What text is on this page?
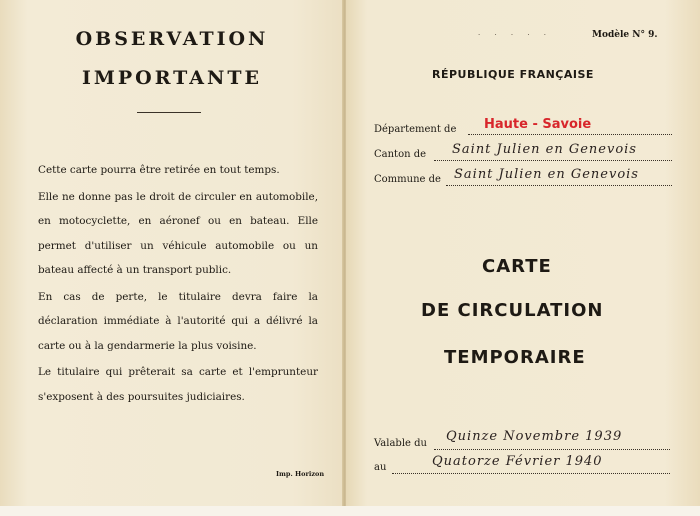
OBSERVATION
IMPORTANTE

Cette carte pourra être retirée en tout temps.

Elle ne donne pas le droit de circuler en automobile, en motocyclette, en aéronef ou en bateau. Elle permet d'utiliser un véhicule automobile ou un bateau affecté à un transport public.

En cas de perte, le titulaire devra faire la déclaration immédiate à l'autorité qui a délivré la carte ou à la gendarmerie la plus voisine.

Le titulaire qui prêterait sa carte et l'emprunteur s'exposent à des poursuites judiciaires.

Imp. Horizon
· · · · ·	Modèle N° 9.
RÉPUBLIQUE FRANÇAISE
Département de Haute - Savoie
Canton de Saint Julien en Genevois
Commune de Saint Julien en Genevois
CARTE
DE CIRCULATION
TEMPORAIRE
Valable du Quinze Novembre 1939
au	Quatorze Février 1940
